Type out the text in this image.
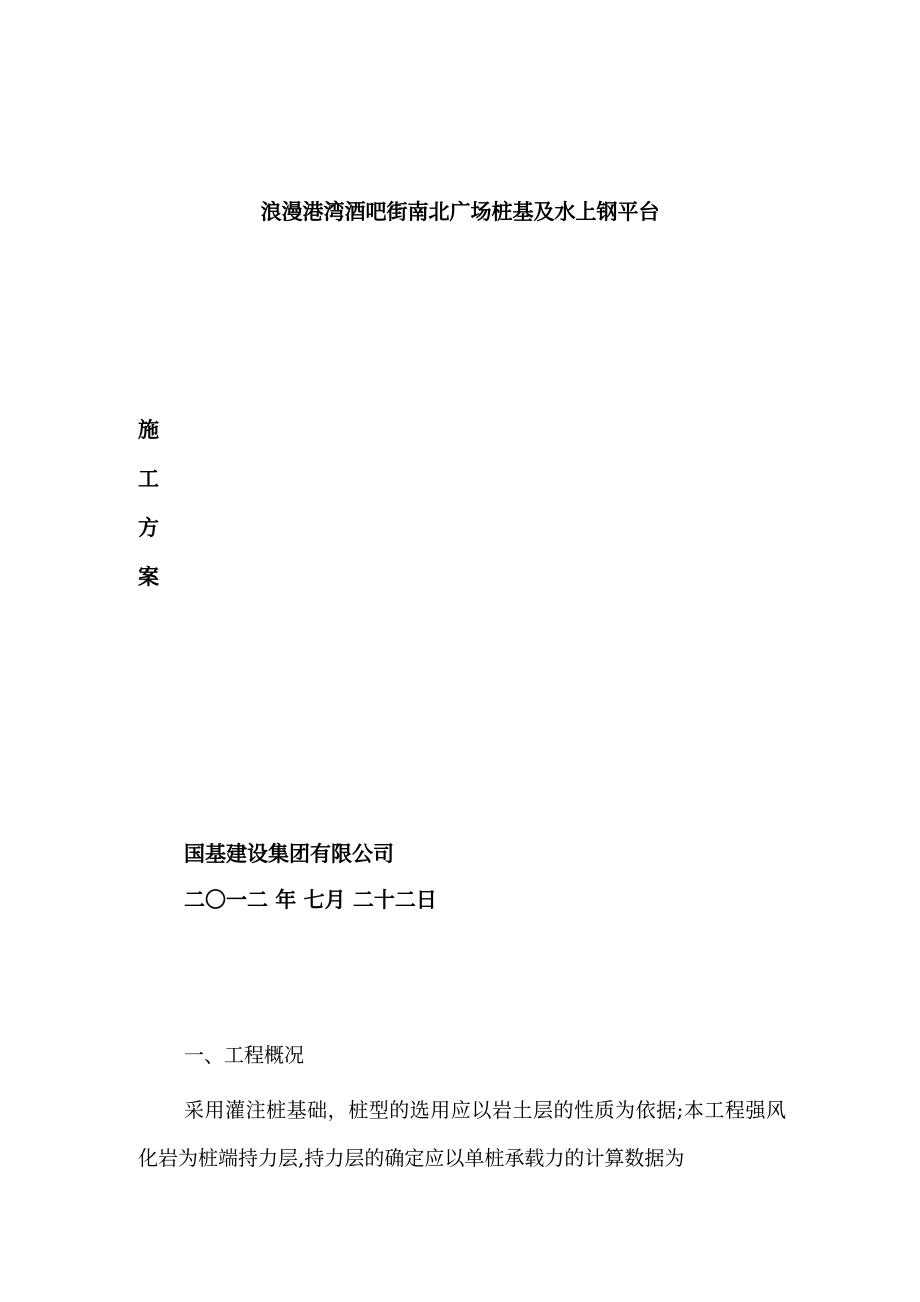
浪漫港湾酒吧街南北广场桩基及水上钢平台
施
工
方
案
国基建设集团有限公司
二〇一二 年 七月 二十二日
一、工程概况

采用灌注桩基础，桩型的选用应以岩土层的性质为依据;本工程强风化岩为桩端持力层,持力层的确定应以单桩承载力的计算数据为
